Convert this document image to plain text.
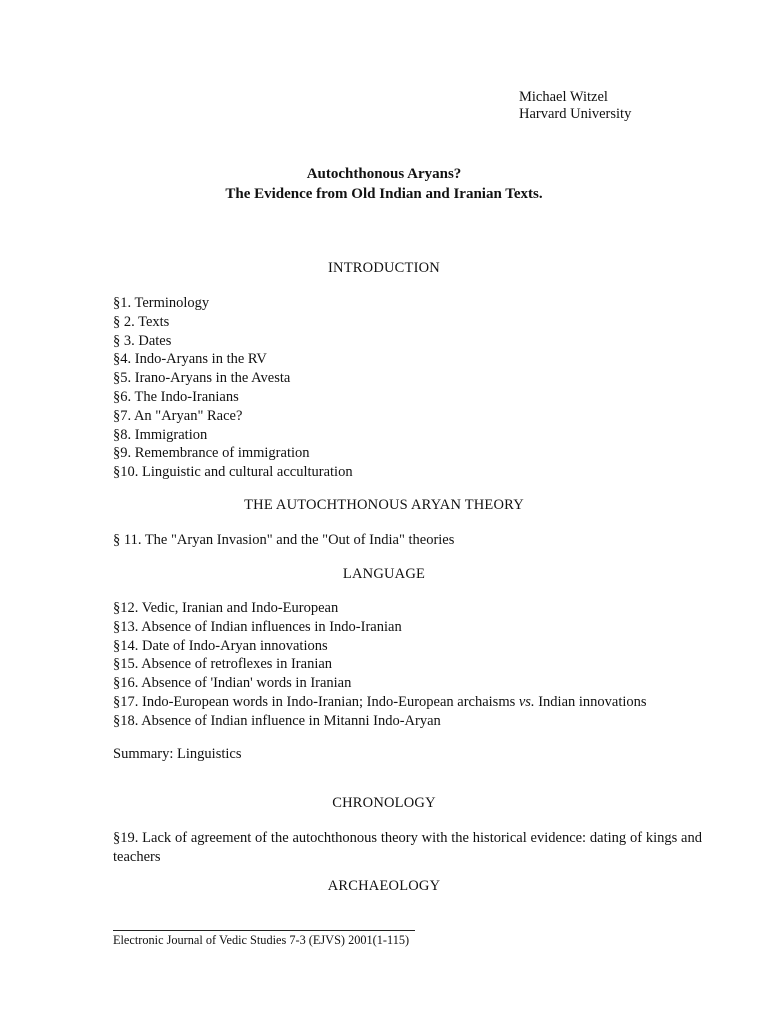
Michael Witzel
Harvard University
Autochthonous Aryans?
The Evidence from Old Indian and Iranian Texts.
INTRODUCTION
§1. Terminology
§ 2. Texts
§ 3. Dates
§4. Indo-Aryans in the RV
§5. Irano-Aryans in the Avesta
§6. The Indo-Iranians
§7. An "Aryan" Race?
§8. Immigration
§9. Remembrance of immigration
§10. Linguistic and cultural acculturation
THE AUTOCHTHONOUS ARYAN THEORY
§ 11. The "Aryan Invasion" and the "Out of India" theories
LANGUAGE
§12. Vedic, Iranian and Indo-European
§13. Absence of Indian influences in Indo-Iranian
§14. Date of Indo-Aryan innovations
§15. Absence of retroflexes in Iranian
§16. Absence of 'Indian' words in Iranian
§17. Indo-European words in Indo-Iranian; Indo-European archaisms vs. Indian innovations
§18. Absence of Indian influence in Mitanni Indo-Aryan
Summary: Linguistics
CHRONOLOGY
§19. Lack of agreement of the autochthonous theory with the historical evidence: dating of kings and teachers
ARCHAEOLOGY
Electronic Journal of Vedic Studies 7-3 (EJVS) 2001(1-115)
